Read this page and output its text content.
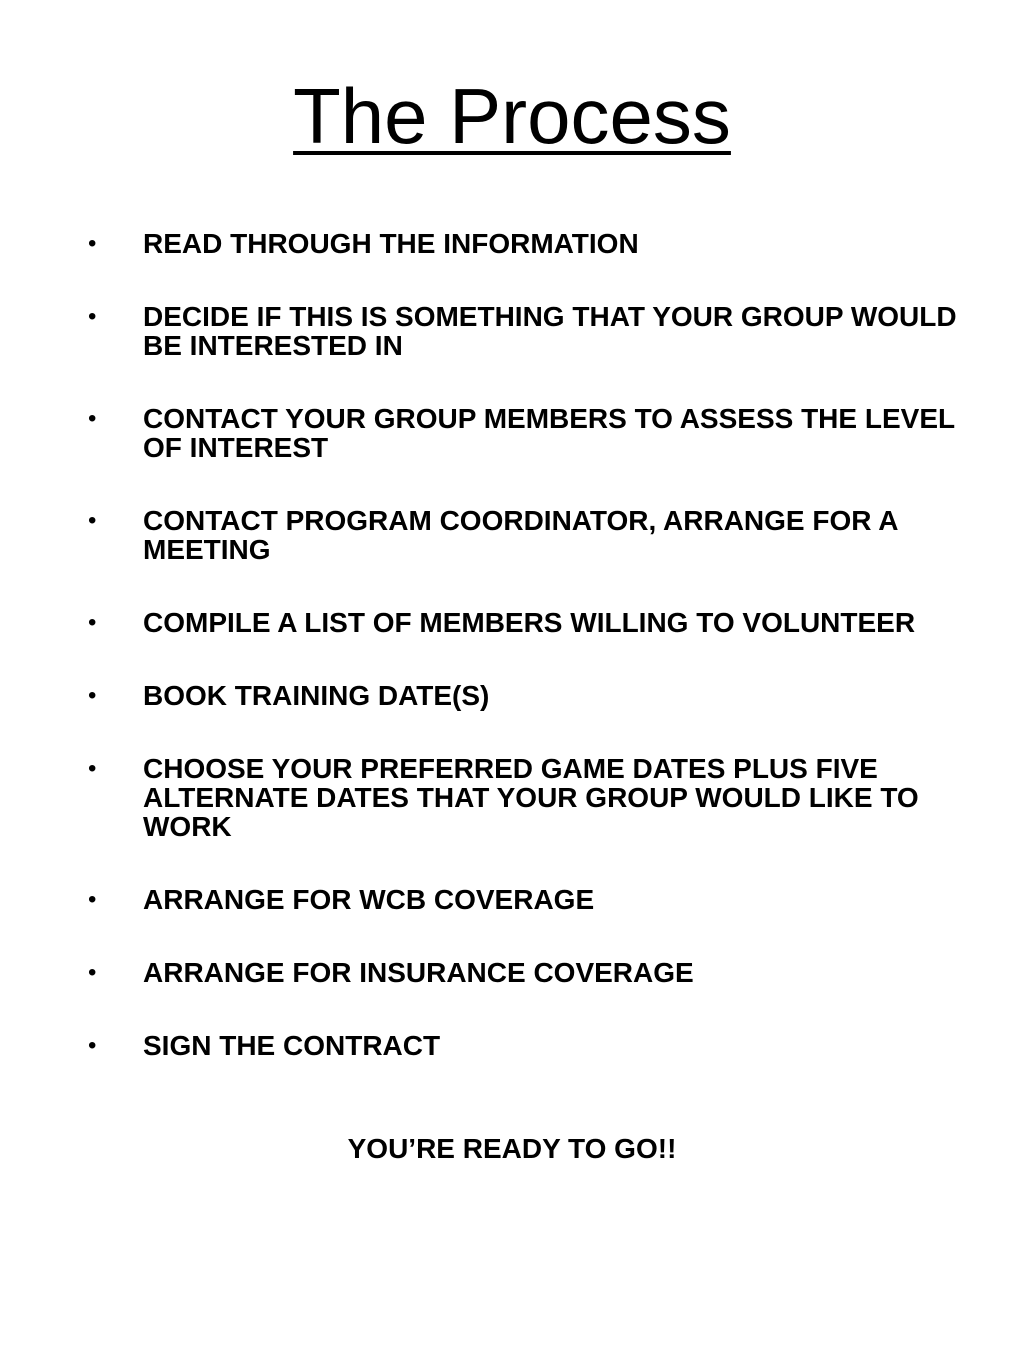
The Process
• READ THROUGH THE INFORMATION
• DECIDE IF THIS IS SOMETHING THAT YOUR GROUP WOULD BE INTERESTED IN
• CONTACT YOUR GROUP MEMBERS TO ASSESS THE LEVEL OF INTEREST
• CONTACT PROGRAM COORDINATOR, ARRANGE FOR A MEETING
• COMPILE A LIST OF MEMBERS WILLING TO VOLUNTEER
• BOOK TRAINING DATE(S)
• CHOOSE YOUR PREFERRED GAME DATES PLUS FIVE ALTERNATE DATES THAT YOUR GROUP WOULD LIKE TO WORK
• ARRANGE FOR WCB COVERAGE
• ARRANGE FOR INSURANCE COVERAGE
• SIGN THE CONTRACT
YOU’RE READY TO GO!!
